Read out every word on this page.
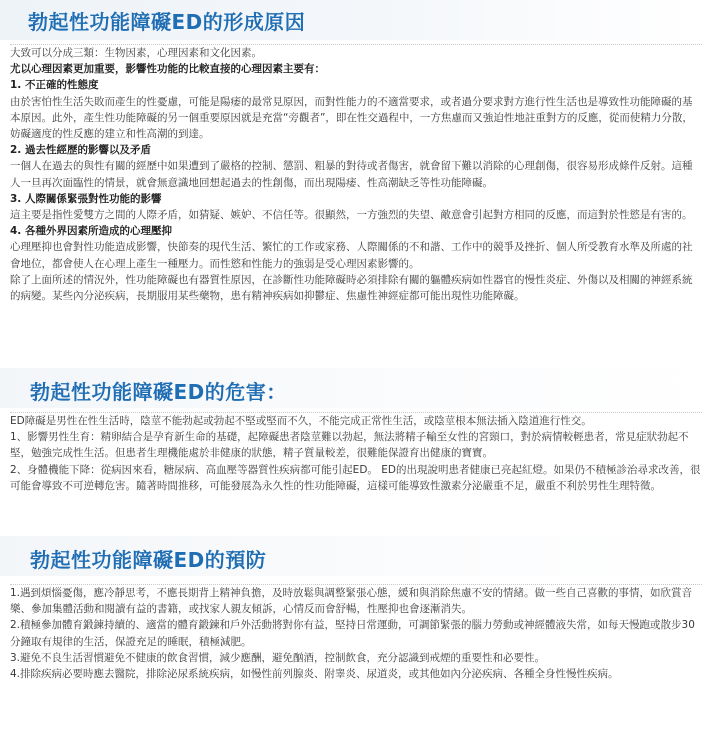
勃起性功能障礙ED的形成原因

大致可以分成三類：生物因素，心理因素和文化因素。

尤以心理因素更加重要，影響性功能的比較直接的心理因素主要有：

1. 不正確的性態度

由於害怕性生活失敗而產生的性憂慮，可能是陽痿的最常見原因，而對性能力的不適當要求，或者過分要求對方進行性生活也是導致性功能障礙的基本原因。此外，產生性功能障礙的另一個重要原因就是充當“旁觀者”，即在性交過程中，一方焦慮而又強迫性地註重對方的反應，從而使精力分散，妨礙適度的性反應的建立和性高潮的到達。

2. 過去性經歷的影響以及矛盾

一個人在過去的與性有關的經歷中如果遭到了嚴格的控制、懲罰、粗暴的對待或者傷害，就會留下難以消除的心理創傷，很容易形成條件反射。這種人一旦再次面臨性的情景，就會無意識地回想起過去的性創傷，而出現陽痿、性高潮缺乏等性功能障礙。

3. 人際關係緊張對性功能的影響

這主要是指性愛雙方之間的人際矛盾，如猜疑、嫉妒、不信任等。很顯然，一方強烈的失望、敵意會引起對方相同的反應，而這對於性慾是有害的。

4. 各種外界因素所造成的心理壓抑

心理壓抑也會對性功能造成影響，快節奏的現代生活、繁忙的工作或家務、人際關係的不和諧、工作中的競爭及挫折、個人所受教育水準及所處的社會地位，都會使人在心理上產生一種壓力。而性慾和性能力的強弱是受心理因素影響的。

除了上面所述的情況外，性功能障礙也有器質性原因，在診斷性功能障礙時必須排除有關的軀體疾病如性器官的慢性炎症、外傷以及相關的神經系統的病變。某些內分泌疾病，長期服用某些藥物，患有精神疾病如抑鬱症、焦慮性神經症都可能出現性功能障礙。

勃起性功能障礙ED的危害：

ED障礙是男性在性生活時，陰莖不能勃起或勃起不堅或堅而不久，不能完成正常性生活，或陰莖根本無法插入陰道進行性交。

1、影響男性生育：精卵結合是孕育新生命的基礎，起障礙患者陰莖難以勃起，無法將精子輸至女性的宮頸口，對於病情較輕患者，常見症狀勃起不堅，勉強完成性生活。但患者生理機能處於非健康的狀態，精子質量較差，很難能保證育出健康的寶寶。

2、身體機能下降：從病因來看，糖尿病、高血壓等器質性疾病都可能引起ED。 ED的出現說明患者健康已亮起紅燈。如果仍不積極診治尋求改善，很可能會導致不可逆轉危害。隨著時間推移，可能發展為永久性的性功能障礙，這樣可能導致性激素分泌嚴重不足，嚴重不利於男性生理特徵。

勃起性功能障礙ED的預防

1.遇到煩惱憂傷，應冷靜思考，不應長期背上精神負擔，及時放鬆與調整緊張心態，緩和與消除焦慮不安的情緒。做一些自己喜歡的事情，如欣賞音樂、參加集體活動和閱讀有益的書籍，或找家人親友傾訴，心情反而會舒暢，性壓抑也會逐漸消失。

2.積極參加體育鍛鍊持續的、適當的體育鍛鍊和戶外活動將對你有益，堅持日常運動，可調節緊張的腦力勞動或神經體液失常，如每天慢跑或散步30分鐘取有規律的生活，保證充足的睡眠，積極減肥。

3.避免不良生活習慣避免不健康的飲食習慣，減少應酬，避免酗酒，控制飲食，充分認識到戒煙的重要性和必要性。

4.排除疾病必要時應去醫院，排除泌尿系統疾病，如慢性前列腺炎、附睾炎、尿道炎，或其他如內分泌疾病、各種全身性慢性疾病。
